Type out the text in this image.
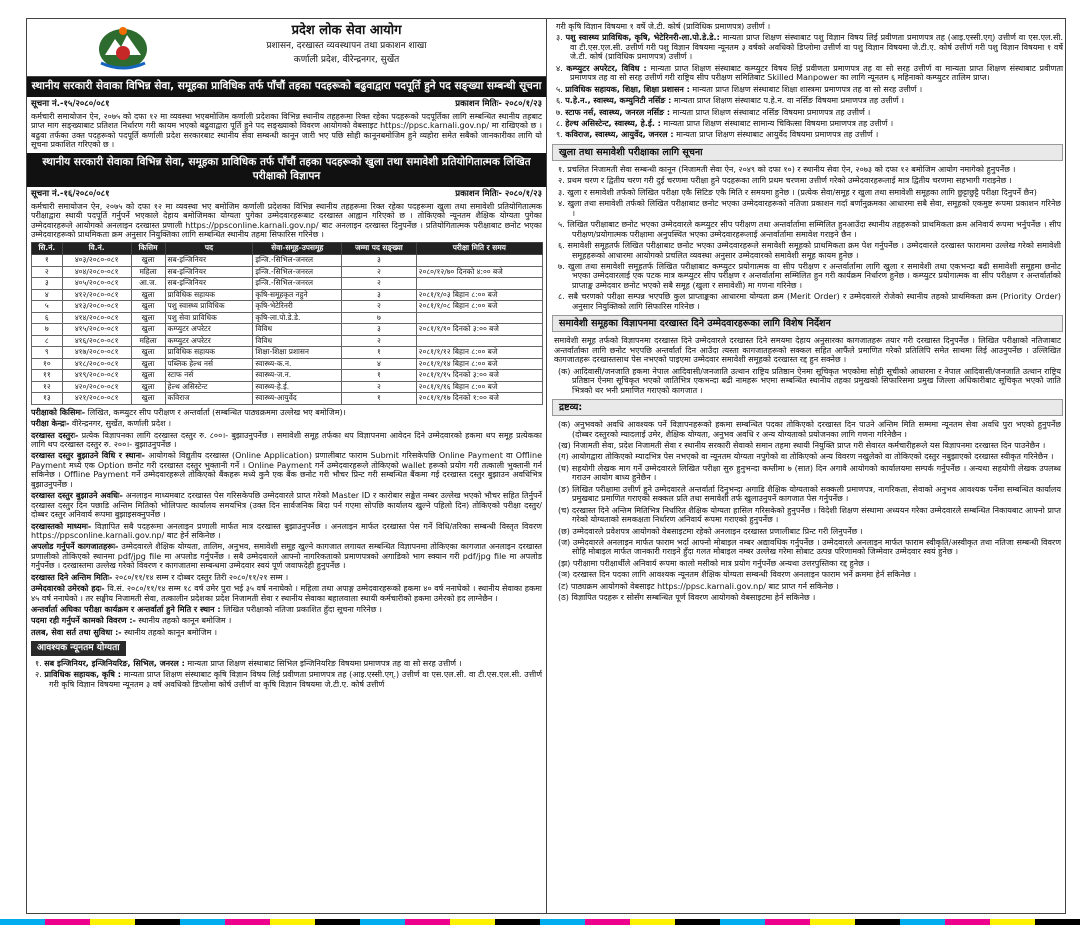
प्रदेश लोक सेवा आयोग
प्रशासन, दरखास्त व्यवस्थापन तथा प्रकाशन शाखा
कर्णाली प्रदेश, वीरेन्द्रनगर, सुर्खेत
स्थानीय सरकारी सेवाका विभिन्न सेवा, समूहका प्राविधिक तर्फ पाँचौं तहका पदहरूको बढुवाद्वारा पदपूर्ति हुने पद सङ्ख्या सम्बन्धी सूचना
सूचना नं.-१५/२०८०/०८१	प्रकाशन मितिः- २०८०/१/२३
कर्मचारी समायोजन ऐन, २०७५ को दफा १२ मा व्यवस्था भएबमोजिम कर्णाली प्रदेशका विभिन्न स्थानीय तहहरूमा रिक्त रहेका पदहरूको पदपूर्तिका लागि सम्बन्धित स्थानीय तहबाट प्राप्त माग सङ्ख्याबाट प्रतिशत निर्धारण गरी कायम भएको बढुवाद्वारा पूर्ति हुने पद सङ्ख्याको विवरण आयोगको वेबसाइट https://ppsc.karnali.gov.np/ मा राखिएको छ । बढुवा तर्फका उक्त पदहरूको पदपूर्ति कर्णाली प्रदेश सरकारबाट स्थानीय सेवा सम्बन्धी कानून जारी भए पछि सोही कानूनबमोजिम हुने व्यहोरा समेत सबैको जानकारीका लागि यो सूचना प्रकाशित गरिएको छ ।
स्थानीय सरकारी सेवाका विभिन्न सेवा, समूहका प्राविधिक तर्फ पाँचौं तहका पदहरूको खुला तथा समावेशी प्रतियोगितात्मक लिखित परीक्षाको विज्ञापन
सूचना नं.-१६/२०८०/०८१	प्रकाशन मितिः- २०८०/१/२३
कर्मचारी समायोजन ऐन, २०७५ को दफा १२ मा व्यवस्था भए बमोजिम कर्णाली प्रदेशका विभिन्न स्थानीय तहहरूमा रिक्त रहेका पदहरूमा खुला तथा समावेशी प्रतियोगितात्मक परीक्षाद्वारा स्थायी पदपूर्ति गर्नुपर्ने भएकाले देहाय बमोजिमका योग्यता पुगेका उम्मेदवारहरूबाट दरखास्त आह्वान गरिएको छ । तोकिएको न्यूनतम शैक्षिक योग्यता पुगेका उम्मेदवारहरूले आयोगको अनलाइन दरखास्त प्रणाली https://ppsconline.karnali.gov.np/ बाट अनलाइन दरखास्त दिनुपर्नेछ । प्रतियोगितात्मक परीक्षाबाट छनोट भएका उम्मेदवारहरूको प्राथमिकता क्रम अनुसार नियुक्तिका लागि सम्बन्धित स्थानीय तहमा सिफारिस गरिनेछ ।
सि.नं.	वि.नं.	किसिम	पद	सेवा-समूह-उपसमूह	जम्मा पद सङ्ख्या	परीक्षा मिति र समय
१	४०३/२०८०-०८१	खुला	सब-इन्जिनियर	इन्जि.-सिभिल-जनरल	३	
२	४०४/२०८०-०८१	महिला	सब-इन्जिनियर	इन्जि.-सिभिल-जनरल	२	२०८०/१२/७० दिनको ४:०० बजे
३	४०५/२०८०-०८१	आ.ज.	सब-इन्जिनियर	इन्जि.-सिभिल-जनरल	२	
४	४१२/२०८०-०८१	खुला	प्राविधिक सहायक	कृषि-समूहकृत नहुने	३	२०८१/१/०३ बिहान ८:०० बजे
५	४१३/२०८०-०८१	खुला	पशु स्वास्थ्य प्राविधिक	कृषि-भेटेरिनरी	२	२०८१/१/०८ बिहान ८:०० बजे
६	४१४/२०८०-०८१	खुला	पशु सेवा प्राविधिक	कृषि-ला.पो.डे.डे.	७	
७	४१५/२०८०-०८१	खुला	कम्प्युटर अपरेटर	विविध	३	२०८१/१/१० दिनको ३:०० बजे
८	४१६/२०८०-०८१	महिला	कम्प्युटर अपरेटर	विविध	२	
९	४१७/२०८०-०८१	खुला	प्राविधिक सहायक	शिक्षा-शिक्षा प्रशासन	१	२०८१/१/१२ बिहान ८:०० बजे
१०	४१८/२०८०-०८१	खुला	पब्लिक हेल्थ नर्स	स्वास्थ्य-क.न.	४	२०८१/१/१४ बिहान ८:०० बजे
११	४१९/२०८०-०८१	खुला	स्टाफ नर्स	स्वास्थ्य-ज.न.	१	२०८१/१/१५ दिनको ३:०० बजे
१२	४२०/२०८०-०८१	खुला	हेल्थ असिस्टेन्ट	स्वास्थ्य-हे.ई.	२	२०८१/१/१६ बिहान ८:०० बजे
१३	४२१/२०८०-०८१	खुला	कविराज	स्वास्थ्य-आयुर्वेद	१	२०८१/१/१७ दिनको १:०० बजे
परीक्षाको किसिमः- लिखित, कम्प्युटर सीप परीक्षण र अन्तर्वार्ता (सम्बन्धित पाठ्यक्रममा उल्लेख भए बमोजिम)।
परीक्षा केन्द्रः- वीरेन्द्रनगर, सुर्खेत, कर्णाली प्रदेश ।
दरखास्त दस्तुरः- प्रत्येक विज्ञापनका लागि दरखास्त दस्तुर रु. ८००।- बुझाउनुपर्नेछ । समावेशी समूह तर्फका थप विज्ञापनमा आवेदन दिने उम्मेदवारको हकमा थप समूह प्रत्येकका लागि थप दरखास्त दस्तुर रु. २००।- बुझाउनुपर्नेछ ।
दरखास्त दस्तुर बुझाउने विधि र स्थानः- आयोगको विद्युतीय दरखास्त (Online Application) प्रणालीबाट फाराम Submit गरिसकेपछि Online Payment वा Offline Payment मध्ये एक Option छनोट गरी दरखास्त दस्तुर भुक्तानी गर्ने । Online Payment गर्ने उम्मेदवारहरूले तोकिएको wallet हरूको प्रयोग गरी तत्काली भुक्तानी गर्न सकिनेछ । Offline Payment गर्ने उम्मेदवारहरूले तोकिएको बैंकहरू मध्ये कुनै एक बैंक छनोट गरी भौचर प्रिन्ट गरी सम्बन्धित बैंकमा गई दरखास्त दस्तुर बुझाउन अवधिभित्र बुझाउनुपर्नेछ ।
दरखास्त दस्तुर बुझाउने अवधिः- अनलाइन माध्यमबाट दरखास्त पेस गरिसकेपछि उम्मेदवारले प्राप्त गरेको Master ID र कारोबार सङ्केत नम्बर उल्लेख भएको भौचर सहित तिर्नुपर्ने दरखास्त दस्तुर दिन पछाडि अन्तिम मितिको भोलिपल्ट कार्यालय समयभित्र (उक्त दिन सार्वजनिक बिदा पर्न गएमा सोपछि कार्यालय खुल्ने पहिलो दिन) तोकिएको परीक्षा दस्तुर/दोब्बर दस्तुर अनिवार्य रूपमा बुझाइसक्नुपर्नेछ ।
दरखास्तको माध्यमः- विज्ञापित सबै पदहरूमा अनलाइन प्रणाली मार्फत मात्र दरखास्त बुझाउनुपर्नेछ । अनलाइन मार्फत दरखास्त पेस गर्ने विधि/तरिका सम्बन्धी विस्तृत विवरण https://ppsconline.karnali.gov.np/ बाट हेर्न सकिनेछ ।
अपलोड गर्नुपर्ने कागजातहरूः- उम्मेदवारले शैक्षिक योग्यता, तालिम, अनुभव, समावेशी समूह खुल्ने कागजात लगायत सम्बन्धित विज्ञापनमा तोकिएका कागजात अनलाइन दरखास्त प्रणालीको तोकिएको स्थानमा pdf/jpg file मा अपलोड गर्नुपर्नेछ । सबै उम्मेदवारले आफ्नो नागरिकताको प्रमाणपत्रको अगाडिको भाग स्क्यान गरी pdf/jpg file मा अपलोड गर्नुपर्नेछ । दरखास्तमा उल्लेख गरेको विवरण र कागजातमा सम्बन्धमा उम्मेदवार स्वयं पूर्ण जवाफदेही हुनुपर्नेछ ।
दरखास्त दिने अन्तिम मितिः- २०८०/११/१४ सम्म र दोब्बर दस्तुर तिरी २०८०/११/२१ सम्म ।
उम्मेदवारको उमेरको हदः- वि.सं. २०८०/११/१४ सम्म १८ वर्ष उमेर पुरा भई ३५ वर्ष ननाघेको । महिला तथा अपाङ्ग उम्मेदवारहरूको हकमा ४० वर्ष ननाघेको । स्थानीय सेवाका हकमा ४५ वर्ष ननाघेको । तर सङ्घीय निजामती सेवा, तत्कालीन प्रदेशका प्रदेश निजामती सेवा र स्थानीय सेवाका बहालवाला स्थायी कर्मचारीको हकमा उमेरको हद लाग्नेछैन ।
अन्तर्वार्ता अघिका परीक्षा कार्यक्रम र अन्तर्वार्ता हुने मिति र स्थान : लिखित परीक्षाको नतिजा प्रकाशित हुँदा सूचना गरिनेछ ।
पदमा रही गर्नुपर्ने कामको विवरण :- स्थानीय तहको कानून बमोजिम ।
तलब, सेवा सर्त तथा सुविधा :- स्थानीय तहको कानून बमोजिम ।
आवश्यक न्यूनतम योग्यता
१. सब इन्जिनियर, इन्जिनियरिङ, सिभिल, जनरल : मान्यता प्राप्त शिक्षण संस्थाबाट सिभिल इन्जिनियरिङ विषयमा प्रमाणपत्र तह वा सो सरह उत्तीर्ण ।
२. प्राविधिक सहायक, कृषि : मान्यता प्राप्त शिक्षण संस्थाबाट कृषि विज्ञान विषय लिई प्रवीणता प्रमाणपत्र तह (आइ.एस्सी.एग्.) उत्तीर्ण वा एस.एल.सी. वा टी.एस.एल.सी. उत्तीर्ण गरी कृषि विज्ञान विषयमा न्यूनतम ३ वर्ष अवधिको डिप्लोमा कोर्ष उत्तीर्ण वा कृषि विज्ञान विषयमा जे.टी.ए. कोर्ष उत्तीर्ण
गरी कृषि विज्ञान विषयमा १ वर्षे जे.टी. कोर्ष (प्राविधिक प्रमाणपत्र) उत्तीर्ण ।
३. पशु स्वास्थ्य प्राविधिक, कृषि, भेटेरिनरी-ला.पो.डे.डे.: मान्यता प्राप्त शिक्षण संस्थाबाट पशु विज्ञान विषय लिई प्रवीणता प्रमाणपत्र तह (आइ.एस्सी.एग्) उत्तीर्ण वा एस.एल.सी. वा टी.एस.एल.सी. उत्तीर्ण गरी पशु विज्ञान विषयमा न्यूनतम ३ वर्षको अवधिको डिप्लोमा उत्तीर्ण वा पशु विज्ञान विषयमा जे.टी.ए. कोर्ष उत्तीर्ण गरी पशु विज्ञान विषयमा १ वर्षे जे.टी. कोर्ष (प्राविधिक प्रमाणपत्र) उत्तीर्ण ।
४. कम्प्युटर अपरेटर, विविध : मान्यता प्राप्त शिक्षण संस्थाबाट कम्प्युटर विषय लिई प्रवीणता प्रमाणपत्र तह वा सो सरह उत्तीर्ण वा मान्यता प्राप्त शिक्षण संस्थाबाट प्रवीणता प्रमाणपत्र तह वा सो सरह उत्तीर्ण गरी राष्ट्रिय सीप परीक्षण समितिबाट Skilled Manpower का लागि न्यूनतम ६ महिनाको कम्प्युटर तालिम प्राप्त।
५. प्राविधिक सहायक, शिक्षा, शिक्षा प्रशासन : मान्यता प्राप्त शिक्षण संस्थाबाट शिक्षा शास्त्रमा प्रमाणपत्र तह वा सो सरह उत्तीर्ण ।
६. प.हे.न., स्वास्थ्य, कम्युनिटी नर्सिङ : मान्यता प्राप्त शिक्षण संस्थाबाट प.हे.न. वा नर्सिङ विषयमा प्रमाणपत्र तह उत्तीर्ण ।
७. स्टाफ नर्स, स्वास्थ्य, जनरल नर्सिङ : मान्यता प्राप्त शिक्षण संस्थाबाट नर्सिङ विषयमा प्रमाणपत्र तह उत्तीर्ण ।
८. हेल्थ असिस्टेन्ट, स्वास्थ्य, हे.ई. : मान्यता प्राप्त शिक्षण संस्थाबाट सामान्य चिकित्सा विषयमा प्रमाणपत्र तह उत्तीर्ण ।
९. कविराज, स्वास्थ्य, आयुर्वेद, जनरल : मान्यता प्राप्त शिक्षण संस्थाबाट आयुर्वेद विषयमा प्रमाणपत्र तह उत्तीर्ण ।
खुला तथा समावेशी परीक्षाका लागि सूचना
१. प्रचलित निजामती सेवा सम्बन्धी कानून (निजामती सेवा ऐन, २०४९ को दफा १०) र स्थानीय सेवा ऐन, २०७३ को दफा १२ बमोजिम आयोग नमागेको हुनुपर्नेछ ।
२. प्रथम चरण र द्वितीय चरण गरी दुई चरणमा परीक्षा हुने पदहरूका लागि प्रथम चरणमा उत्तीर्ण गरेको उम्मेदवारहरूलाई मात्र द्वितीय चरणमा सहभागी गराइनेछ ।
३. खुला र समावेशी तर्फको लिखित परीक्षा एकै सिटिङ एकै मिति र समयमा हुनेछ । (प्रत्येक सेवा/समूह र खुला तथा समावेशी समूहका लागि छुट्टाछुट्टै परीक्षा दिनुपर्ने छैन)
४. खुला तथा समावेशी तर्फको लिखित परीक्षाबाट छनोट भएका उम्मेदवारहरूको नतिजा प्रकाशन गर्दा बर्णानुक्रमका आधारमा सबै सेवा, समूहको एकमुष्ट रूपमा प्रकाशन गरिनेछ ।
५. लिखित परीक्षाबाट छनोट भएका उम्मेदवारले कम्प्युटर सीप परीक्षण तथा अन्तर्वार्तामा सम्मिलित हुनआउँदा स्थानीय तहहरूको प्राथमिकता क्रम अनिवार्य रूपमा भर्नुपर्नेछ । सीप परीक्षण/प्रयोगात्मक परीक्षामा अनुपस्थित भएका उम्मेदवारहरूलाई अन्तर्वार्तामा समावेश गराइने छैन ।
६. समावेशी समूहतर्फ लिखित परीक्षाबाट छनोट भएका उम्मेदवारहरूले समावेशी समूहको प्राथमिकता क्रम पेश गर्नुपर्नेछ । उम्मेदवारले दरखास्त फाराममा उल्लेख गरेको समावेशी समूहहरूको आधारमा आयोगको प्रचलित व्यवस्था अनुसार उम्मेदवारको समावेशी समूह कायम हुनेछ ।
७. खुला तथा समावेशी समूहतर्फ लिखित परीक्षाबाट कम्प्युटर प्रयोगात्मक वा सीप परीक्षण र अन्तर्वार्तामा लागि खुला र समावेशी तथा एकभन्दा बढी समावेशी समूहमा छनोट भएका उम्मेदवारलाई एक पटक मात्र कम्प्युटर सीप परीक्षण र अन्तर्वार्तामा सम्मिलित हुन गरी कार्यक्रम निर्धारण हुनेछ । कम्प्युटर प्रयोगात्मक वा सीप परीक्षण र अन्तर्वार्ताको प्राप्ताङ्क उम्मेदवार छनोट भएको सबै समूह (खुला र समावेशी) मा गणना गरिनेछ ।
८. सबै चरणको परीक्षा सम्पन्न भएपछि कुल प्राप्ताङ्कका आधारमा योग्यता क्रम (Merit Order) र उम्मेदवारले रोजेको स्थानीय तहको प्राथमिकता क्रम (Priority Order) अनुसार नियुक्तिको लागि सिफारिस गरिनेछ ।
समावेशी समूहका विज्ञापनमा दरखास्त दिने उम्मेदवारहरूका लागि विशेष निर्देशन
समावेशी समूह तर्फको विज्ञापनमा दरखास्त दिने उम्मेदवारले दरखास्त दिने समयमा देहाय अनुसारका कागजातहरू तयार गरी दरखास्त दिनुपर्नेछ । लिखित परीक्षाको नतिजाबाट अन्तर्वार्ताका लागि छनोट भएपछि अन्तर्वार्ता दिन आउँदा त्यस्ता कागजातहरूको सक्कल सहित आफैंले प्रमाणित गरेको प्रतिलिपि समेत साथमा लिई आउनुपर्नेछ । उल्लिखित कागजातहरू दरखास्तसाथ पेस नभएको पाइएमा उम्मेदवार समावेशी समूहको दरखास्त रद्द हुन सक्नेछ ।
(क) आदिवासी/जनजाति हकमा नेपाल आदिवासी/जनजाति उत्थान राष्ट्रिय प्रतिष्ठान ऐनमा सूचिकृत भएकोमा सोही सूचीको आधारमा र नेपाल आदिवासी/जनजाति उत्थान राष्ट्रिय प्रतिष्ठान ऐनमा सूचिकृत भएको जातिभित्र एकभन्दा बढी नामहरू भएमा सम्बन्धित स्थानीय तहका प्रमुखको सिफारिसमा प्रमुख जिल्ला अधिकारीबाट सूचिकृत भएको जाति भित्रको थर भनी प्रमाणित गराएको कागजात ।
द्रष्टव्य:
(क) अनुभवको अवधि आवश्यक पर्ने विज्ञापनहरूको हकमा सम्बन्धित पदका तोकिएको दरखास्त दिन पाउने अन्तिम मिति सम्ममा न्यूनतम सेवा अवधि पुरा भएको हुनुपर्नेछ (दोब्बर दस्तुरको म्यादलाई उमेर, शैक्षिक योग्यता, अनुभव अवधि र अन्य योग्यताको प्रयोजनका लागि गणना गरिनेछैन ।
(ख) निजामती सेवा, प्रदेश निजामती सेवा र स्थानीय सरकारी सेवाको समान तहमा स्थायी नियुक्ति प्राप्त गरी सेवारत कर्मचारीहरूले यस विज्ञापनमा दरखास्त दिन पाउनेछैन ।
(ग) आयोगद्वारा तोकिएको म्यादभित्र पेस नभएको वा न्यूनतम योग्यता नपुगेको वा तोकिएको अन्य विवरण नखुलेको वा तोकिएको दस्तुर नबुझाएको दरखास्त स्वीकृत गरिनेछैन ।
(घ) सहयोगी लेखक माग गर्ने उम्मेदवारले लिखित परीक्षा सुरु हुनुभन्दा कम्तीमा ७ (सात) दिन अगावै आयोगको कार्यालयमा सम्पर्क गर्नुपर्नेछ । अन्यथा सहयोगी लेखक उपलब्ध गराउन आयोग बाध्य हुनेछैन ।
(ङ) लिखित परीक्षामा उत्तीर्ण हुने उम्मेदवारले अन्तर्वार्ता दिनुभन्दा अगाडि शैक्षिक योग्यताको सक्कली प्रमाणपत्र, नागरिकता, सेवाको अनुभव आवश्यक पर्नेमा सम्बन्धित कार्यालय प्रमुखबाट प्रमाणित गराएको सक्कल प्रति तथा समावेशी तर्फ खुलाउनुपर्ने कागजात पेस गर्नुपर्नेछ ।
(च) दरखास्त दिने अन्तिम मितिभित्र निर्धारित शैक्षिक योग्यता हासिल गरिसकेको हुनुपर्नेछ । विदेशी शिक्षण संस्थामा अध्ययन गरेका उम्मेदवारले सम्बन्धित निकायबाट आफ्नो प्राप्त गरेको योग्यताको समकक्षता निर्धारण अनिवार्य रूपमा गराएको हुनुपर्नेछ ।
(छ) उम्मेदवारले प्रवेशपत्र आयोगको वेबसाइटमा रहेको अनलाइन दरखास्त प्रणालीबाट प्रिन्ट गरी लिनुपर्नेछ ।
(ज) उम्मेदवारले अनलाइन मार्फत फाराम भर्दा आफ्नो मोबाइल नम्बर अद्यावधिक गर्नुपर्नेछ । उम्मेदवारले अनलाइन मार्फत फाराम स्वीकृति/अस्वीकृत तथा नतिजा सम्बन्धी विवरण सोहि मोबाइल मार्फत जानकारी गराइने हुँदा गलत मोबाइल नम्बर उल्लेख गरेमा सोबाट उत्पन्न परिणामको जिम्मेवार उम्मेदवार स्वयं हुनेछ ।
(झ) परीक्षामा परीक्षार्थीले अनिवार्य रूपमा कालो मसीको मात्र प्रयोग गर्नुपर्नेछ अन्यथा उत्तरपुस्तिका रद्द हुनेछ ।
(ञ) दरखास्त दिन पदका लागि आवश्यक न्यूनतम शैक्षिक योग्यता सम्बन्धी विवरण अनलाइन फाराम भर्ने क्रममा हेर्न सकिनेछ ।
(ट) पाठ्यक्रम आयोगको वेबसाइट https://ppsc.karnali.gov.np/ बाट प्राप्त गर्न सकिनेछ ।
(ठ) विज्ञापित पदहरू र सोसँग सम्बन्धित पूर्ण विवरण आयोगको वेबसाइटमा हेर्न सकिनेछ ।
